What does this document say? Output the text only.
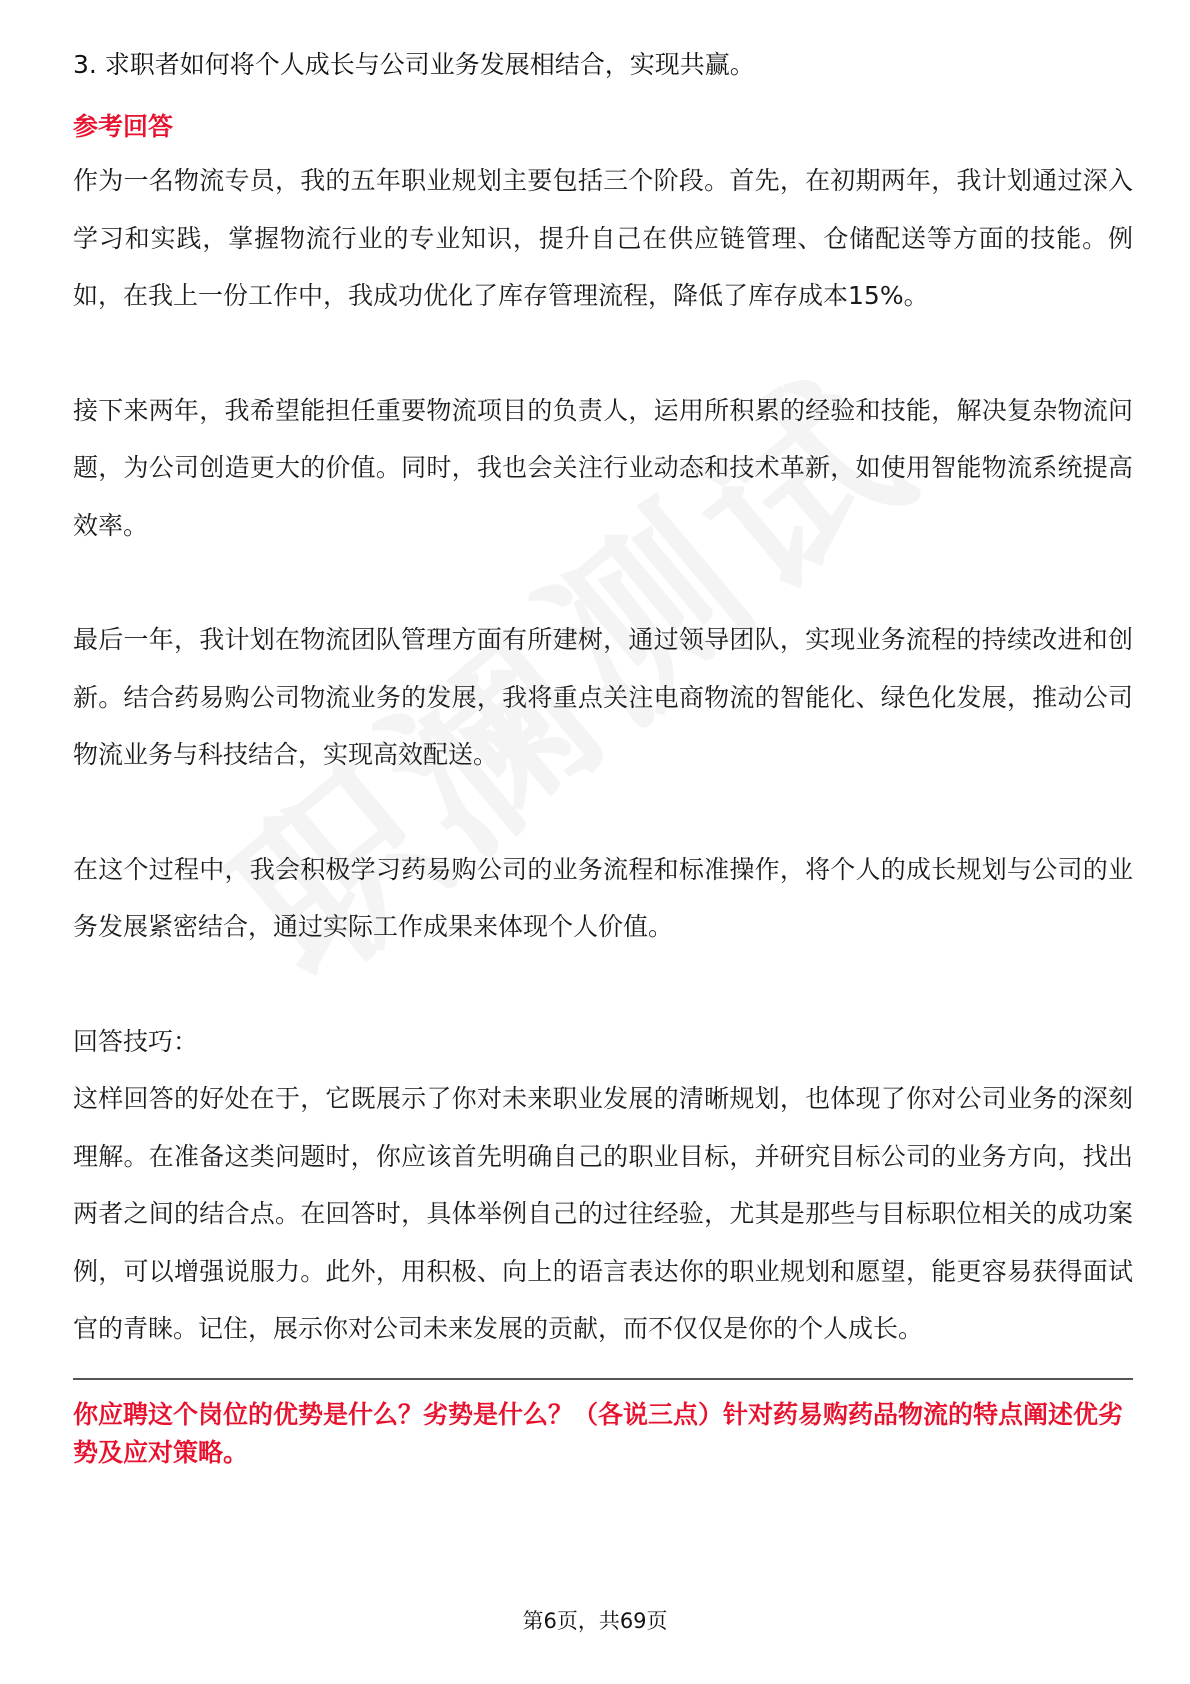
3. 求职者如何将个人成长与公司业务发展相结合，实现共赢。

参考回答

作为一名物流专员，我的五年职业规划主要包括三个阶段。首先，在初期两年，我计划通过深入学习和实践，掌握物流行业的专业知识，提升自己在供应链管理、仓储配送等方面的技能。例如，在我上一份工作中，我成功优化了库存管理流程，降低了库存成本15%。

接下来两年，我希望能担任重要物流项目的负责人，运用所积累的经验和技能，解决复杂物流问题，为公司创造更大的价值。同时，我也会关注行业动态和技术革新，如使用智能物流系统提高效率。

最后一年，我计划在物流团队管理方面有所建树，通过领导团队，实现业务流程的持续改进和创新。结合药易购公司物流业务的发展，我将重点关注电商物流的智能化、绿色化发展，推动公司物流业务与科技结合，实现高效配送。

在这个过程中，我会积极学习药易购公司的业务流程和标准操作，将个人的成长规划与公司的业务发展紧密结合，通过实际工作成果来体现个人价值。

回答技巧：

这样回答的好处在于，它既展示了你对未来职业发展的清晰规划，也体现了你对公司业务的深刻理解。在准备这类问题时，你应该首先明确自己的职业目标，并研究目标公司的业务方向，找出两者之间的结合点。在回答时，具体举例自己的过往经验，尤其是那些与目标职位相关的成功案例，可以增强说服力。此外，用积极、向上的语言表达你的职业规划和愿望，能更容易获得面试官的青睐。记住，展示你对公司未来发展的贡献，而不仅仅是你的个人成长。

你应聘这个岗位的优势是什么？劣势是什么？（各说三点）针对药易购药品物流的特点阐述优劣势及应对策略。
第6页，共69页
